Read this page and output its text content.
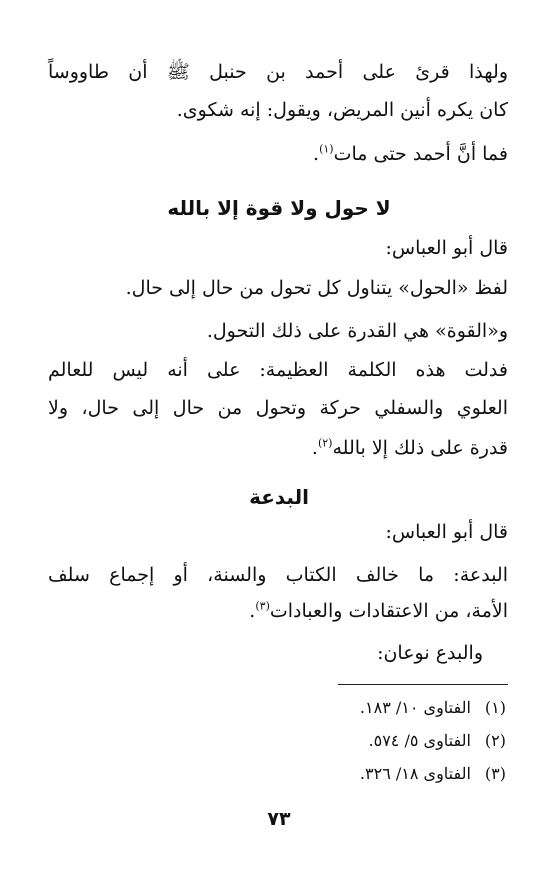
ولهذا قرئ على أحمد بن حنبل ﷺ أن طاووساً
كان يكره أنين المريض، ويقول: إنه شكوى.
فما أنَّ أحمد حتى مات$^{(١)}$.
لا حول ولا قوة إلا بالله
قال أبو العباس:
لفظ «الحول» يتناول كل تحول من حال إلى حال.
و«القوة» هي القدرة على ذلك التحول.
فدلت هذه الكلمة العظيمة: على أنه ليس للعالم
العلوي والسفلي حركة وتحول من حال إلى حال، ولا
قدرة على ذلك إلا بالله$^{(٢)}$.
البدعة
قال أبو العباس:
البدعة: ما خالف الكتاب والسنة، أو إجماع سلف
الأمة، من الاعتقادات والعبادات$^{(٣)}$.
والبدع نوعان:
(١)الفتاوى ١٠/ ١٨٣.
(٢)الفتاوى ٥/ ٥٧٤.
(٣)الفتاوى ١٨/ ٣٢٦.
٧٣
